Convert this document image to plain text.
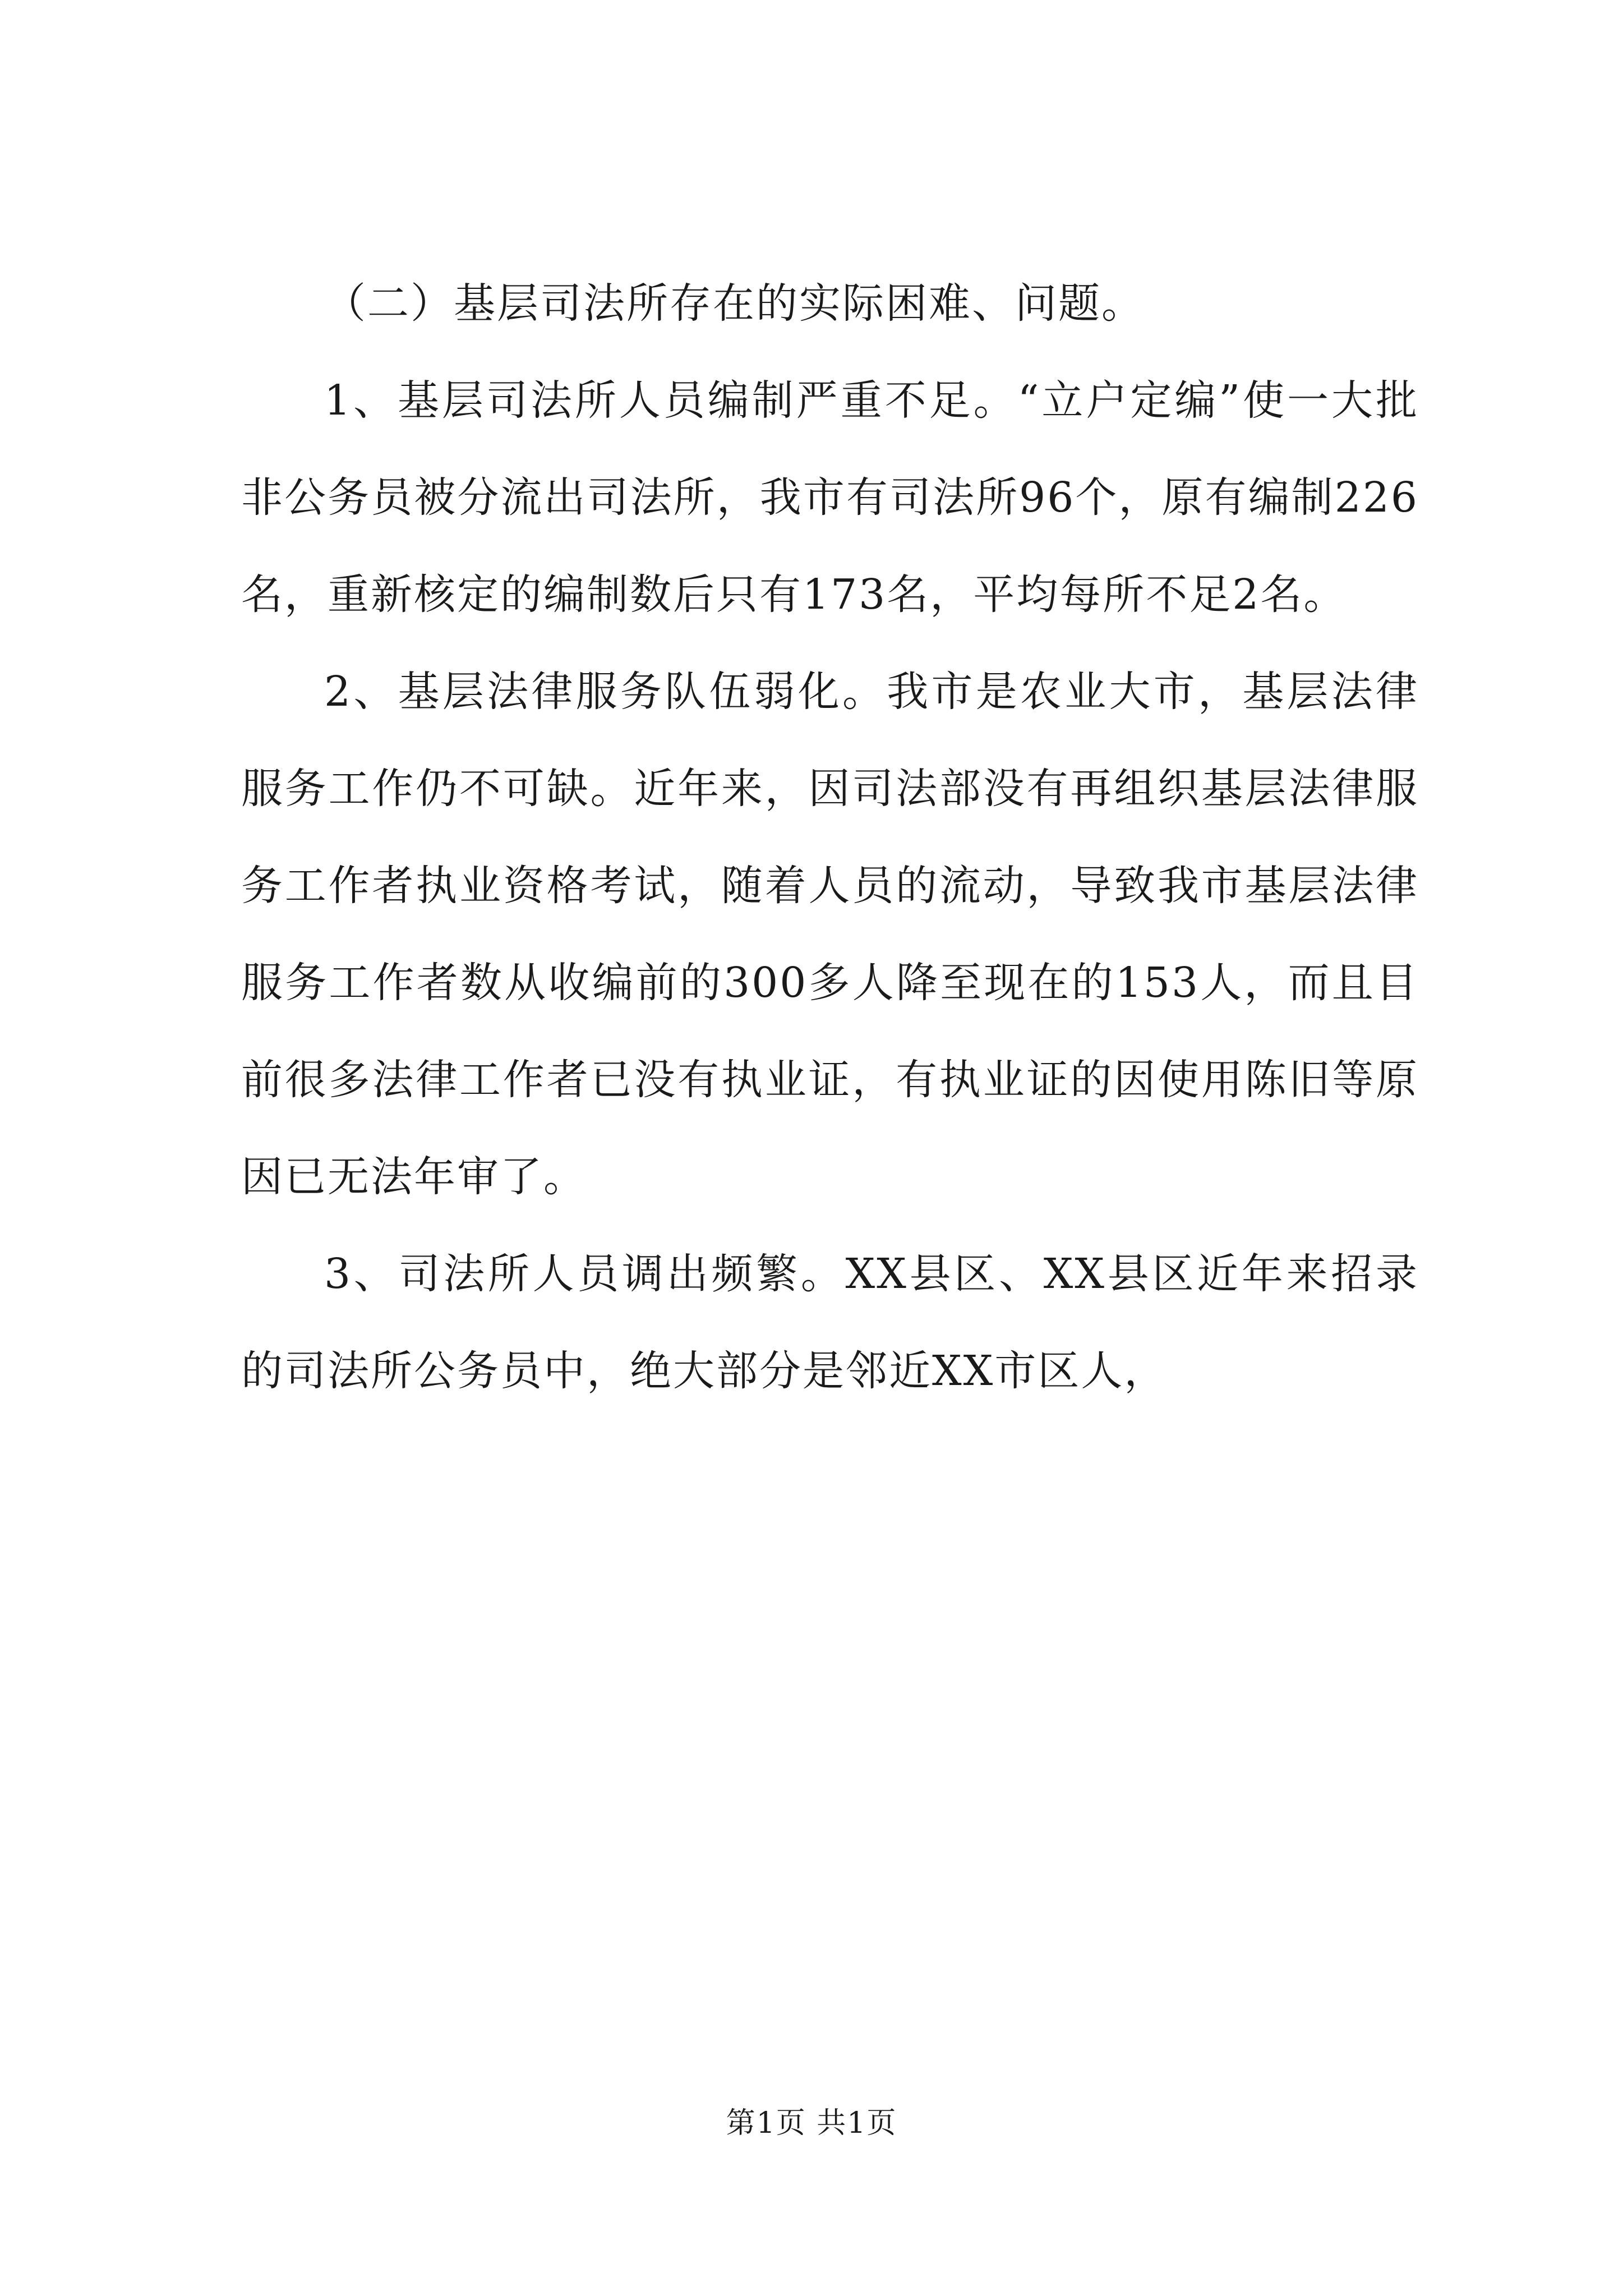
（二）基层司法所存在的实际困难、问题。

1、基层司法所人员编制严重不足。“立户定编”使一大批非公务员被分流出司法所，我市有司法所96个，原有编制226名，重新核定的编制数后只有173名，平均每所不足2名。

2、基层法律服务队伍弱化。我市是农业大市，基层法律服务工作仍不可缺。近年来，因司法部没有再组织基层法律服务工作者执业资格考试，随着人员的流动，导致我市基层法律服务工作者数从收编前的300多人降至现在的153人，而且目前很多法律工作者已没有执业证，有执业证的因使用陈旧等原因已无法年审了。

3、司法所人员调出频繁。XX县区、XX县区近年来招录的司法所公务员中，绝大部分是邻近XX市区人，

第1页 共1页
